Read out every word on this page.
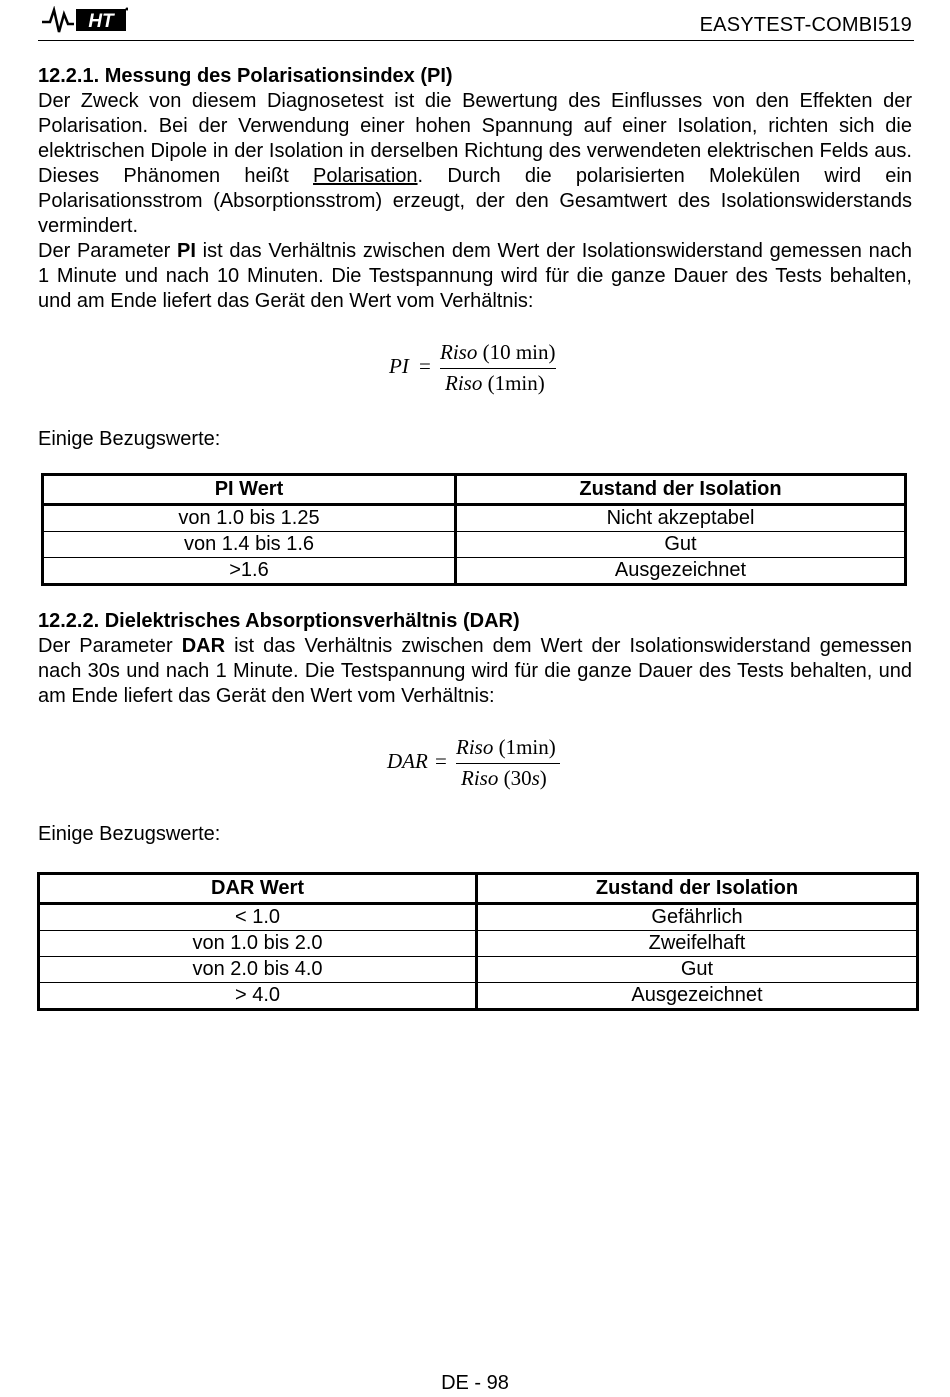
HT	EASYTEST-COMBI519
12.2.1. Messung des Polarisationsindex (PI)
Der Zweck von diesem Diagnosetest ist die Bewertung des Einflusses von den Effekten der Polarisation. Bei der Verwendung einer hohen Spannung auf einer Isolation, richten sich die elektrischen Dipole in der Isolation in derselben Richtung des verwendeten elektrischen Felds aus. Dieses Phänomen heißt Polarisation. Durch die polarisierten Molekülen wird ein Polarisationsstrom (Absorptionsstrom) erzeugt, der den Gesamtwert des Isolationswiderstands vermindert.
Der Parameter PI ist das Verhältnis zwischen dem Wert der Isolationswiderstand gemessen nach 1 Minute und nach 10 Minuten. Die Testspannung wird für die ganze Dauer des Tests behalten, und am Ende liefert das Gerät den Wert vom Verhältnis:
PI =
Riso (10 min)
Riso (1min)
Einige Bezugswerte:
PI Wert	Zustand der Isolation
von 1.0 bis 1.25	Nicht akzeptabel
von 1.4 bis 1.6	Gut
>1.6	Ausgezeichnet
12.2.2. Dielektrisches Absorptionsverhältnis (DAR)
Der Parameter DAR ist das Verhältnis zwischen dem Wert der Isolationswiderstand gemessen nach 30s und nach 1 Minute. Die Testspannung wird für die ganze Dauer des Tests behalten, und am Ende liefert das Gerät den Wert vom Verhältnis:
DAR =
Riso (1min)
Riso (30s)
Einige Bezugswerte:
DAR Wert	Zustand der Isolation
< 1.0	Gefährlich
von 1.0 bis 2.0	Zweifelhaft
von 2.0 bis 4.0	Gut
> 4.0	Ausgezeichnet
DE - 98
